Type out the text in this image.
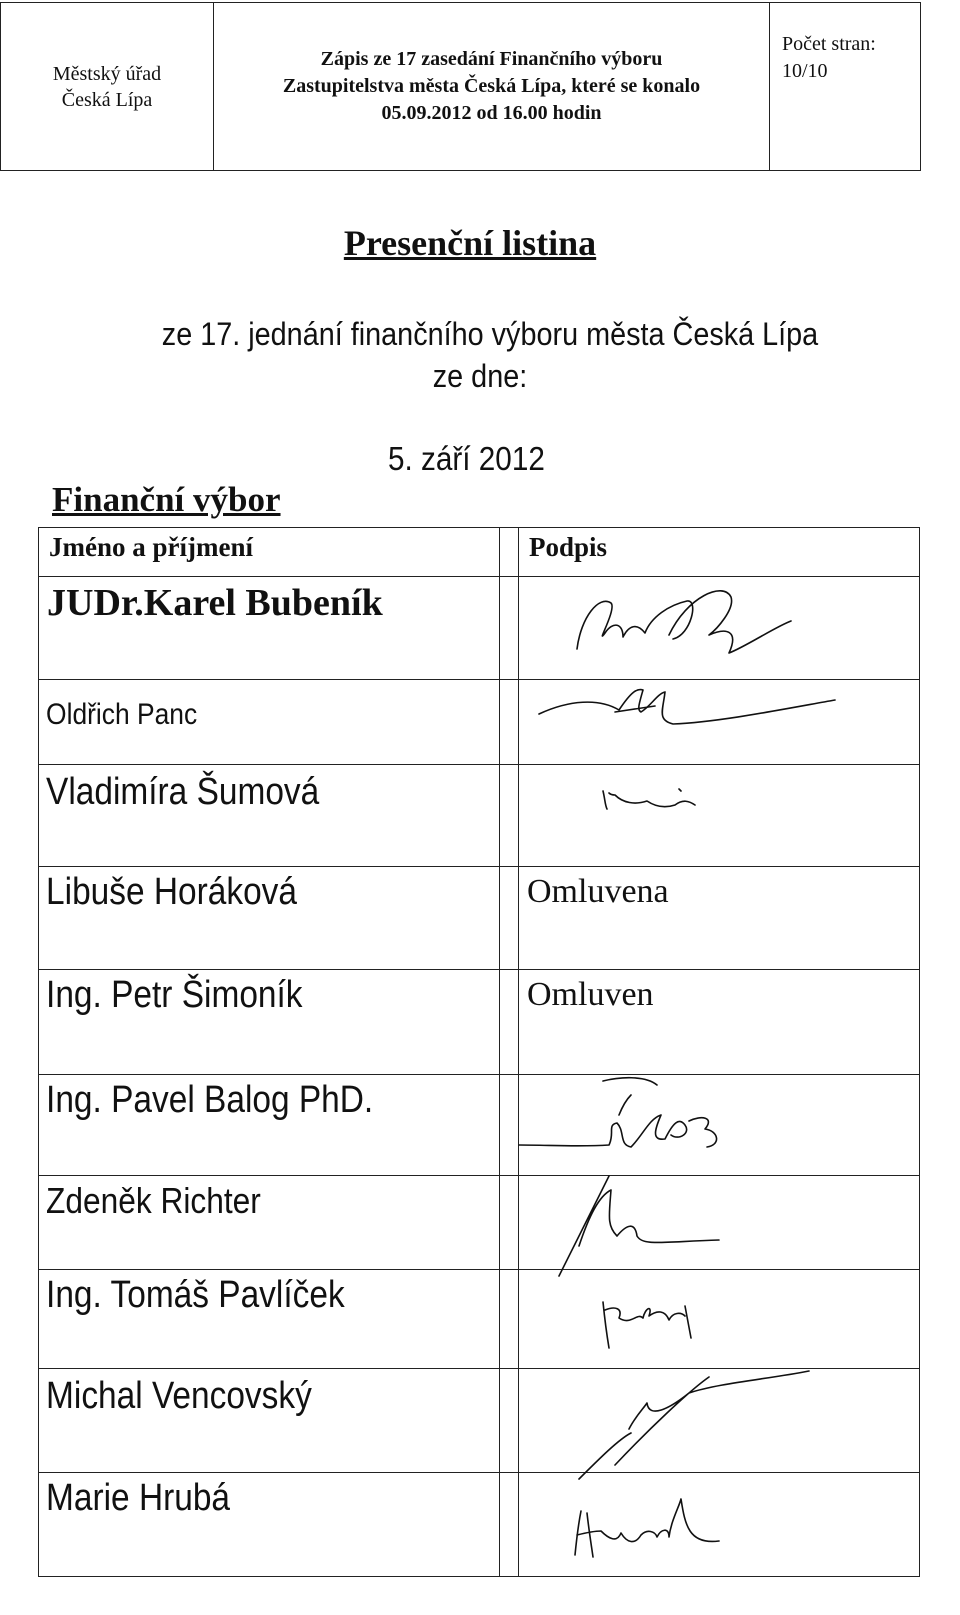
Městský úřad
Česká Lípa
Zápis ze 17 zasedání Finančního výboru
Zastupitelstva města Česká Lípa, které se konalo
05.09.2012 od 16.00 hodin
Počet stran:
10/10
Presenční listina
ze 17. jednání finančního výboru města Česká Lípa
ze dne:
5. září 2012
Finanční výbor
Jméno a příjmení		Podpis

JUDr.Karel Bubeník

Oldřich Panc

Vladimíra Šumová

Libuše Horáková		Omluvena

Ing. Petr Šimoník		Omluven

Ing. Pavel Balog PhD.

Zdeněk Richter

Ing. Tomáš Pavlíček

Michal Vencovský

Marie Hrubá
